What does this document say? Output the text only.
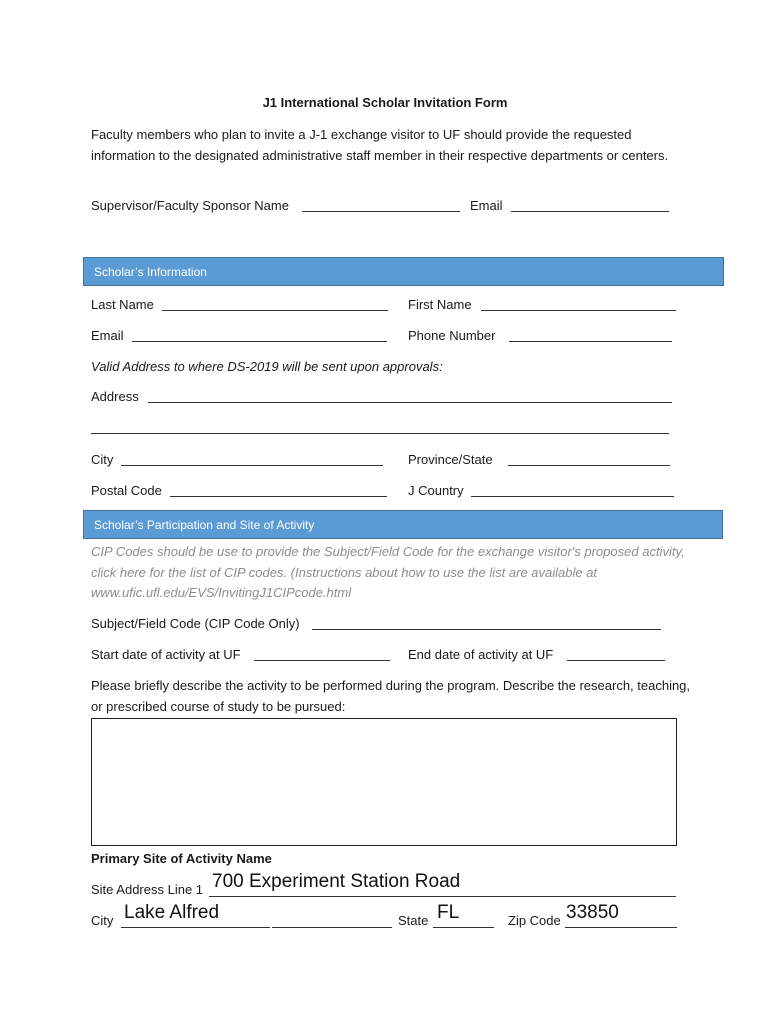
J1 International Scholar Invitation Form
Faculty members who plan to invite a J-1 exchange visitor to UF should provide the requested information to the designated administrative staff member in their respective departments or centers.
Supervisor/Faculty Sponsor Name	Email
Scholar’s Information
Last Name	First Name
Email	Phone Number
Valid Address to where DS-2019 will be sent upon approvals:
Address
City	Province/State
Postal Code	J Country
Scholar’s Participation and Site of Activity
CIP Codes should be use to provide the Subject/Field Code for the exchange visitor's proposed activity, click here for the list of CIP codes. (Instructions about how to use the list are available at www.ufic.ufl.edu/EVS/InvitingJ1CIPcode.html
Subject/Field Code (CIP Code Only)
Start date of activity at UF	End date of activity at UF
Please briefly describe the activity to be performed during the program. Describe the research, teaching, or prescribed course of study to be pursued:
Primary Site of Activity Name
Site Address Line 1 700 Experiment Station Road
City Lake Alfred	State FL	Zip Code 33850
